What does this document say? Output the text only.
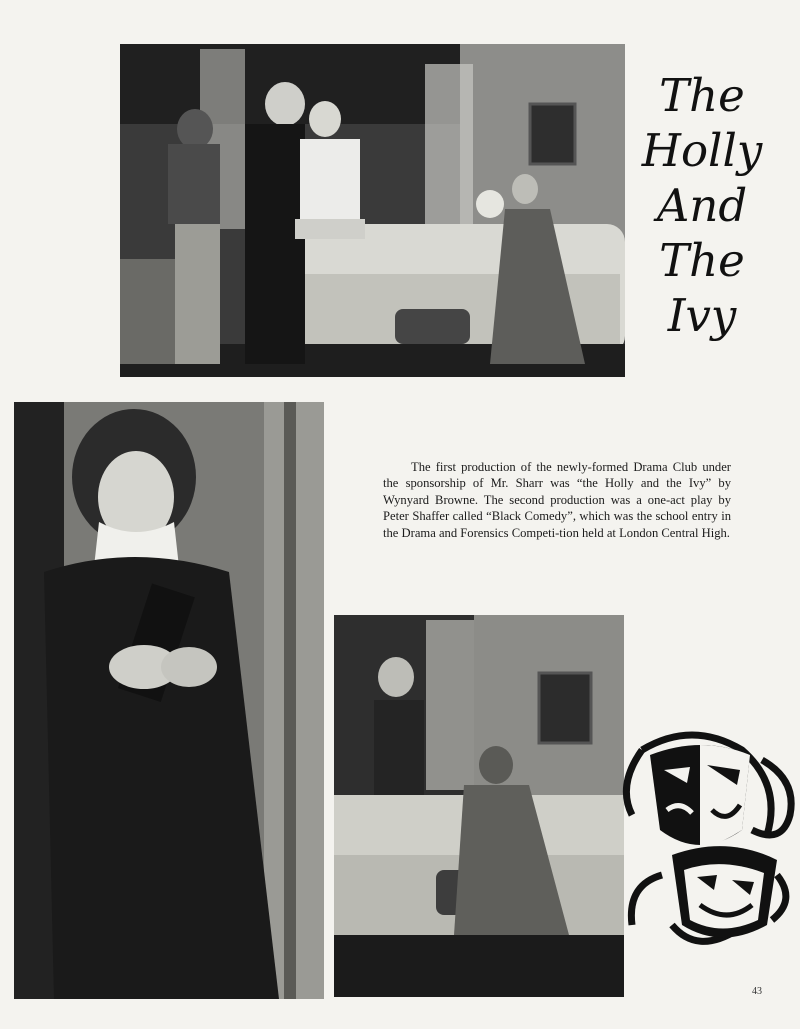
The
Holly
And
The
Ivy

The first production of the newly-formed Drama Club under the sponsorship of Mr. Sharr was “the Holly and the Ivy” by Wynyard Browne. The second production was a one-act play by Peter Shaffer called “Black Comedy”, which was the school entry in the Drama and Forensics Competi-tion held at London Central High.

43
